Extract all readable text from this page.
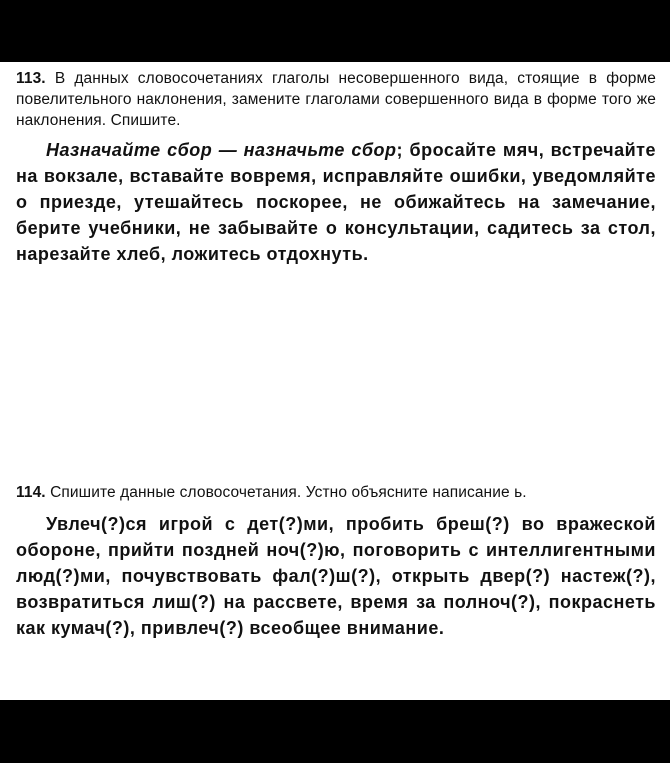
113. В данных словосочетаниях глаголы несовершенного вида, стоящие в форме повелительного наклонения, замените глаголами совершенного вида в форме того же наклонения. Спишите.

Назначайте сбор — назначьте сбор; бросайте мяч, встречайте на вокзале, вставайте вовремя, исправляйте ошибки, уведомляйте о приезде, утешайтесь поскорее, не обижайтесь на замечание, берите учебники, не забывайте о консультации, садитесь за стол, нарезайте хлеб, ложитесь отдохнуть.

114. Спишите данные словосочетания. Устно объясните написание ь.

Увлеч(?)ся игрой с дет(?)ми, пробить бреш(?) во вражеской обороне, прийти поздней ноч(?)ю, поговорить с интеллигентными люд(?)ми, почувствовать фал(?)ш(?), открыть двер(?) настеж(?), возвратиться лиш(?) на рассвете, время за полноч(?), покраснеть как кумач(?), привлеч(?) всеобщее внимание.
